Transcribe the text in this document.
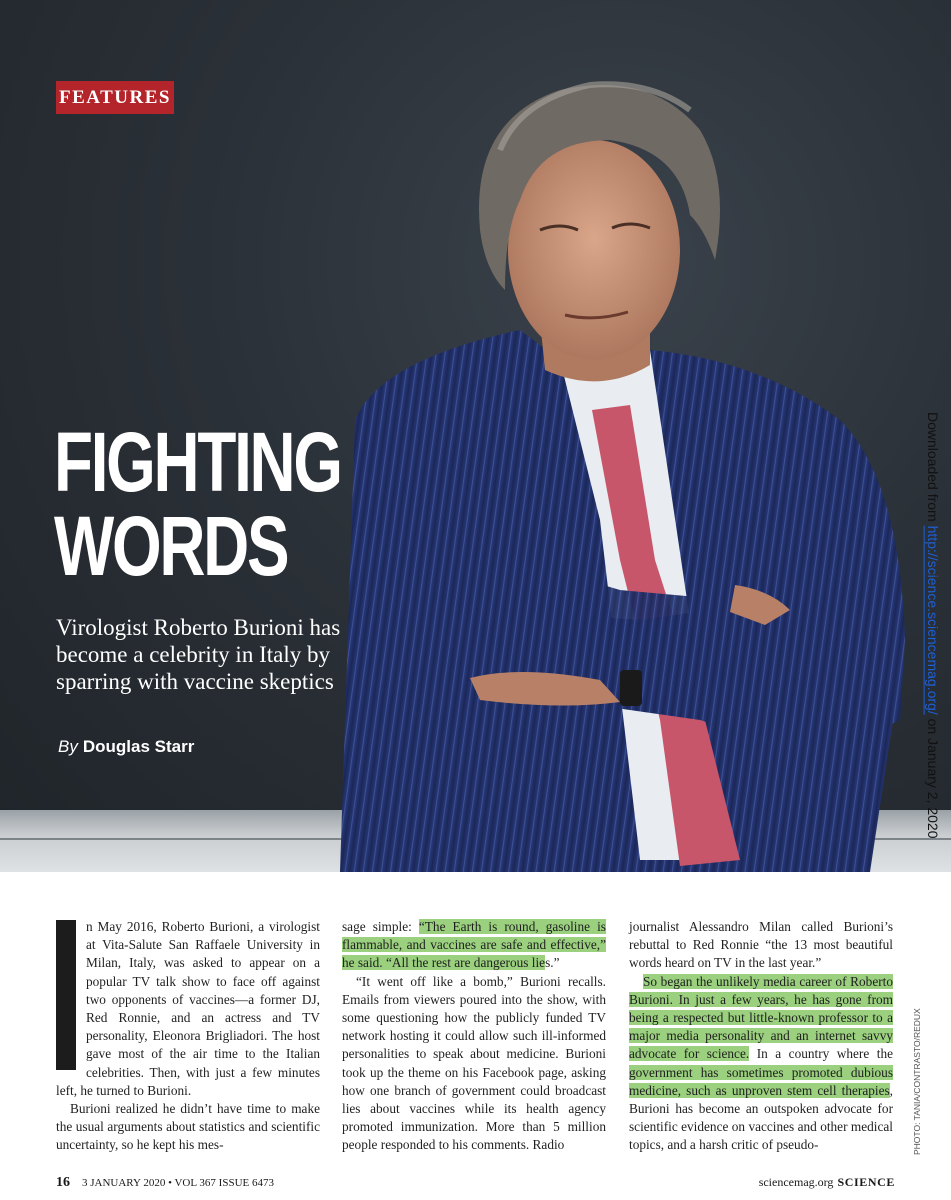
FEATURES
FIGHTING
WORDS
Virologist Roberto Burioni has become a celebrity in Italy by sparring with vaccine skeptics
By Douglas Starr
Downloaded from http://science.sciencemag.org/ on January 2, 2020
I	n May 2016, Roberto Burioni, a virologist at Vita-Salute San Raffaele University in Milan, Italy, was asked to appear on a popular TV talk show to face off against two opponents of vaccines—a former DJ, Red Ronnie, and an actress and TV personality, Eleonora Brigliadori. The host gave most of the air time to the Italian celebrities. Then, with just a few minutes left, he turned to Burioni.

Burioni realized he didn’t have time to make the usual arguments about statistics and scientific uncertainty, so he kept his mes-

sage simple: “The Earth is round, gasoline is flammable, and vaccines are safe and effective,” he said. “All the rest are dangerous lies.”

“It went off like a bomb,” Burioni recalls. Emails from viewers poured into the show, with some questioning how the publicly funded TV network hosting it could allow such ill-informed personalities to speak about medicine. Burioni took up the theme on his Facebook page, asking how one branch of government could broadcast lies about vaccines while its health agency promoted immunization. More than 5 million people responded to his comments. Radio

journalist Alessandro Milan called Burioni’s rebuttal to Red Ronnie “the 13 most beautiful words heard on TV in the last year.”

So began the unlikely media career of Roberto Burioni. In just a few years, he has gone from being a respected but little-known professor to a major media personality and an internet savvy advocate for science. In a country where the government has sometimes promoted dubious medicine, such as unproven stem cell therapies, Burioni has become an outspoken advocate for scientific evidence on vaccines and other medical topics, and a harsh critic of pseudo-	PHOTO: TANIA/CONTRASTO/REDUX
16 3 JANUARY 2020 • VOL 367 ISSUE 6473	sciencemag.org SCIENCE
